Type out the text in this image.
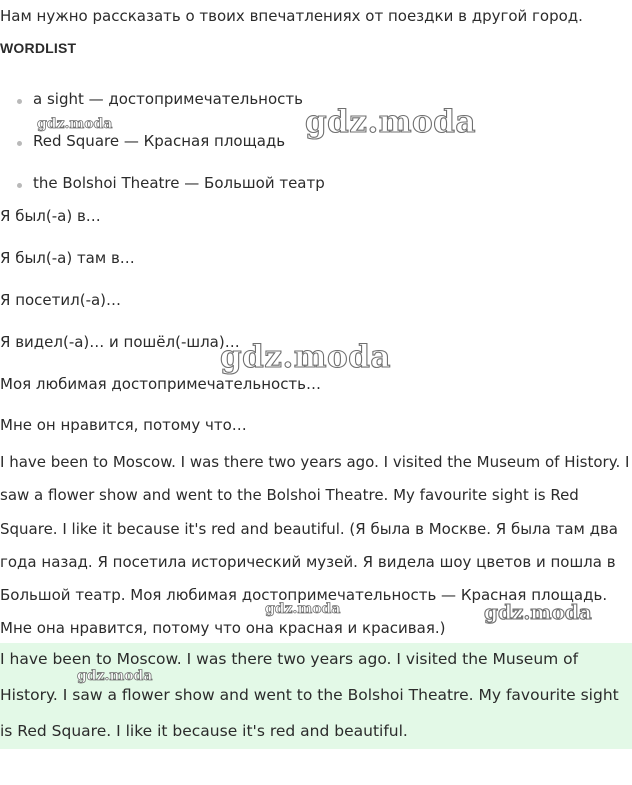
Нам нужно рассказать о твоих впечатлениях от поездки в другой город.
WORDLIST
a sight — достопримечательность
Red Square — Красная площадь
the Bolshoi Theatre — Большой театр
Я был(-а) в…
Я был(-а) там в…
Я посетил(-а)…
Я видел(-а)… и пошёл(-шла)…
Моя любимая достопримечательность…
Мне он нравится, потому что…

I have been to Moscow. I was there two years ago. I visited the Museum of History. I saw a flower show and went to the Bolshoi Theatre. My favourite sight is Red Square. I like it because it's red and beautiful. (Я была в Москве. Я была там два года назад. Я посетила исторический музей. Я видела шоу цветов и пошла в Большой театр. Моя любимая достопримечательность — Красная площадь. Мне она нравится, потому что она красная и красивая.)

I have been to Moscow. I was there two years ago. I visited the Museum of History. I saw a flower show and went to the Bolshoi Theatre. My favourite sight is Red Square. I like it because it's red and beautiful.

gdz.moda	gdz.moda
gdz.moda
gdz.moda	gdz.moda
gdz.moda
